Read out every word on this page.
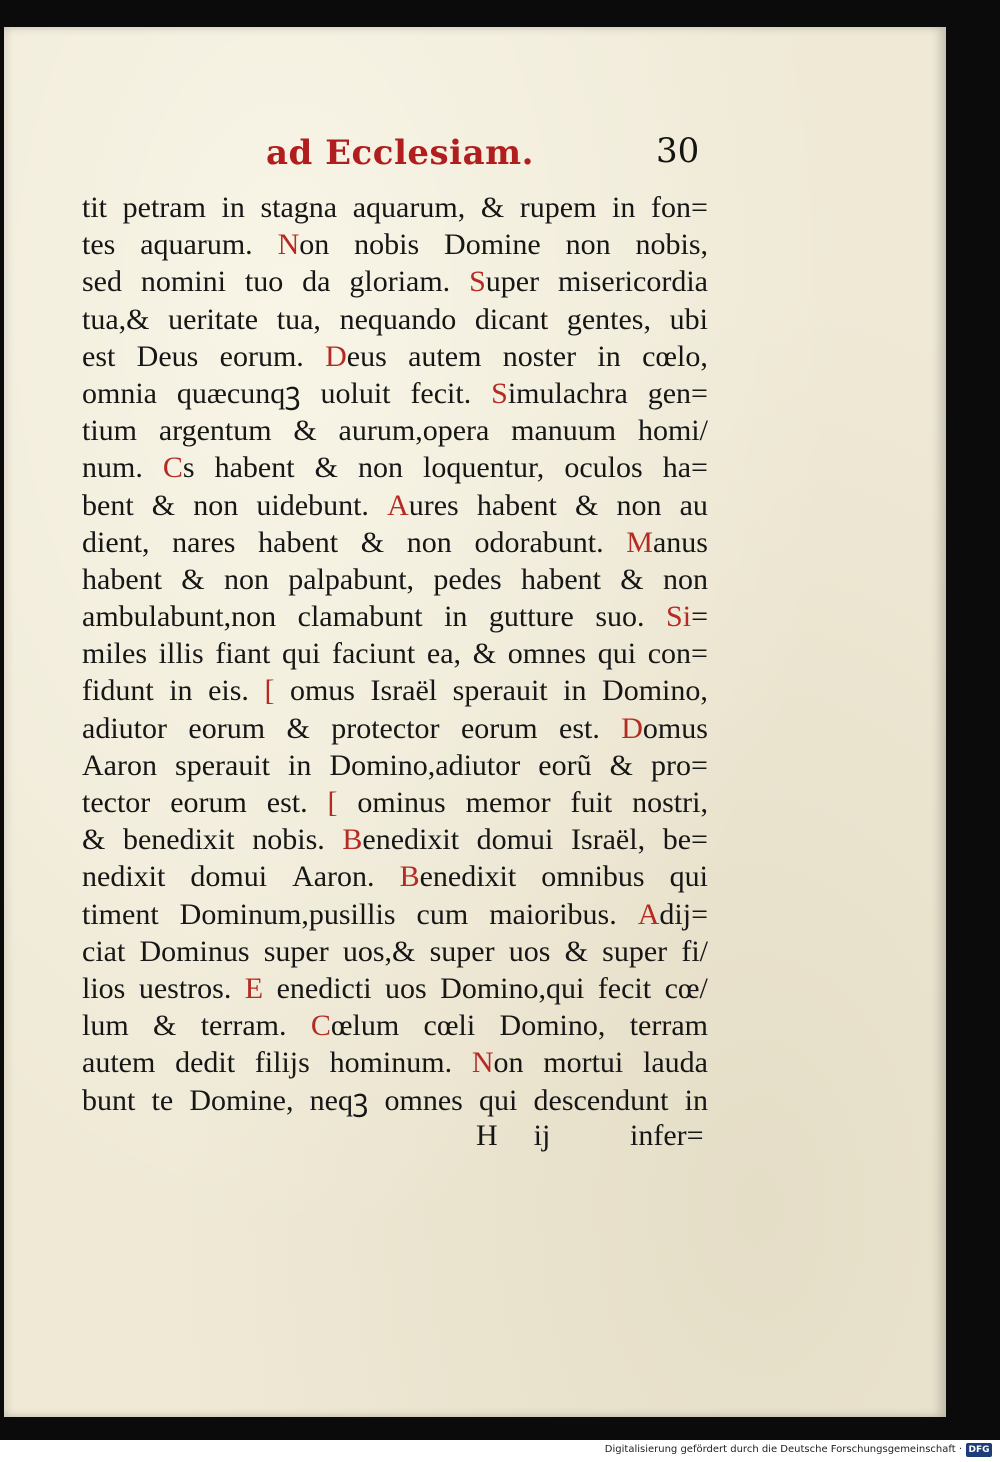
ad Ecclesiam.	30
tit petram in stagna aquarum, & rupem in fon=
tes aquarum. Non nobis Domine non nobis,
sed nomini tuo da gloriam. Super misericordia
tua,& ueritate tua, nequando dicant gentes, ubi
est Deus eorum. Deus autem noster in cœlo,
omnia quæcunqꝫ uoluit fecit. Simulachra gen=
tium argentum & aurum,opera manuum homi/
num. Cs habent & non loquentur, oculos ha=
bent & non uidebunt. Aures habent & non au
dient, nares habent & non odorabunt. Manus
habent & non palpabunt, pedes habent & non
ambulabunt,non clamabunt in gutture suo. Si=
miles illis fiant qui faciunt ea, & omnes qui con=
fidunt in eis. [ omus Israël sperauit in Domino,
adiutor eorum & protector eorum est. Domus
Aaron sperauit in Domino,adiutor eorũ & pro=
tector eorum est. [ ominus memor fuit nostri,
& benedixit nobis. Benedixit domui Israël, be=
nedixit domui Aaron. Benedixit omnibus qui
timent Dominum,pusillis cum maioribus. Adij=
ciat Dominus super uos,& super uos & super fi/
lios uestros. E enedicti uos Domino,qui fecit cœ/
lum & terram. Cœlum cœli Domino, terram
autem dedit filijs hominum. Non mortui lauda
bunt te Domine, neqꝫ omnes qui descendunt in
H ij	infer=
Digitalisierung gefördert durch die Deutsche Forschungsgemeinschaft · DFG
